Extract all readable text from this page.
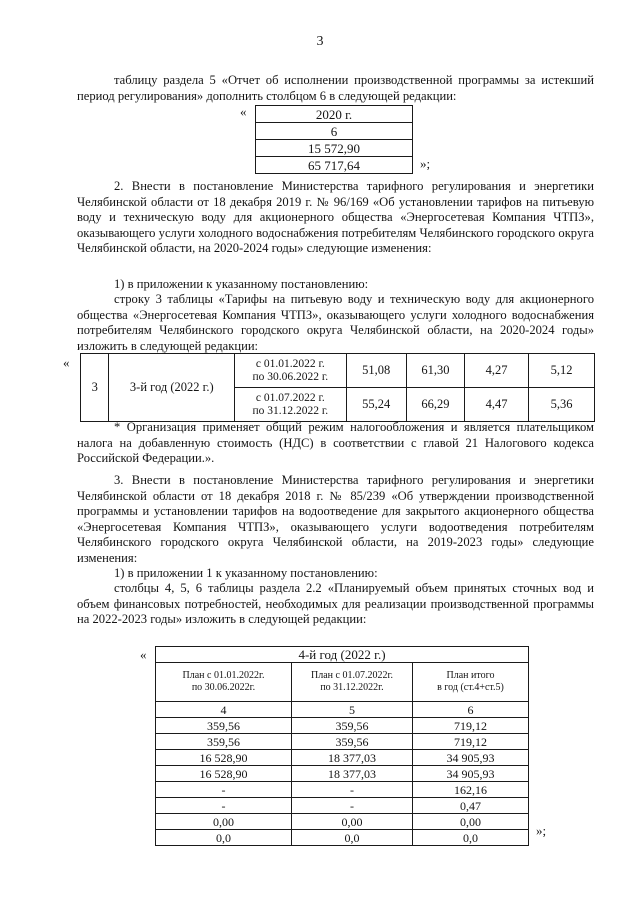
3
таблицу раздела 5 «Отчет об исполнении производственной программы за истекший период регулирования» дополнить столбцом 6 в следующей редакции:
«	2020 г.
6
15 572,90
65 717,64	»;
2. Внести в постановление Министерства тарифного регулирования и энергетики Челябинской области от 18 декабря 2019 г. № 96/169 «Об установлении тарифов на питьевую воду и техническую воду для акционерного общества «Энергосетевая Компания ЧТПЗ», оказывающего услуги холодного водоснабжения потребителям Челябинского городского округа Челябинской области, на 2020-2024 годы» следующие изменения:
1) в приложении к указанному постановлению:
строку 3 таблицы «Тарифы на питьевую воду и техническую воду для акционерного общества «Энергосетевая Компания ЧТПЗ», оказывающего услуги холодного водоснабжения потребителям Челябинского городского округа Челябинской области, на 2020-2024 годы» изложить в следующей редакции:
«
3	3-й год (2022 г.)	с 01.01.2022 г.
по 30.06.2022 г.	51,08	61,30	4,27	5,12
		с 01.07.2022 г.
по 31.12.2022 г.	55,24	66,29	4,47	5,36
* Организация применяет общий режим налогообложения и является плательщиком налога на добавленную стоимость (НДС) в соответствии с главой 21 Налогового кодекса Российской Федерации.».
3. Внести в постановление Министерства тарифного регулирования и энергетики Челябинской области от 18 декабря 2018 г. № 85/239 «Об утверждении производственной программы и установлении тарифов на водоотведение для закрытого акционерного общества «Энергосетевая Компания ЧТПЗ», оказывающего услуги водоотведения потребителям Челябинского городского округа Челябинской области, на 2019-2023 годы» следующие изменения:
1) в приложении 1 к указанному постановлению:
столбцы 4, 5, 6 таблицы раздела 2.2 «Планируемый объем принятых сточных вод и объем финансовых потребностей, необходимых для реализации производственной программы на 2022-2023 годы» изложить в следующей редакции:
«	4-й год (2022 г.)		
План с 01.01.2022г.
по 30.06.2022г.	План с 01.07.2022г.
по 31.12.2022г.	План итого
в год (ст.4+ст.5)
4	5	6
359,56	359,56	719,12
359,56	359,56	719,12
16 528,90	18 377,03	34 905,93
16 528,90	18 377,03	34 905,93
-	-	162,16
-	-	0,47
0,00	0,00	0,00
0,0	0,0	0,0	»;
